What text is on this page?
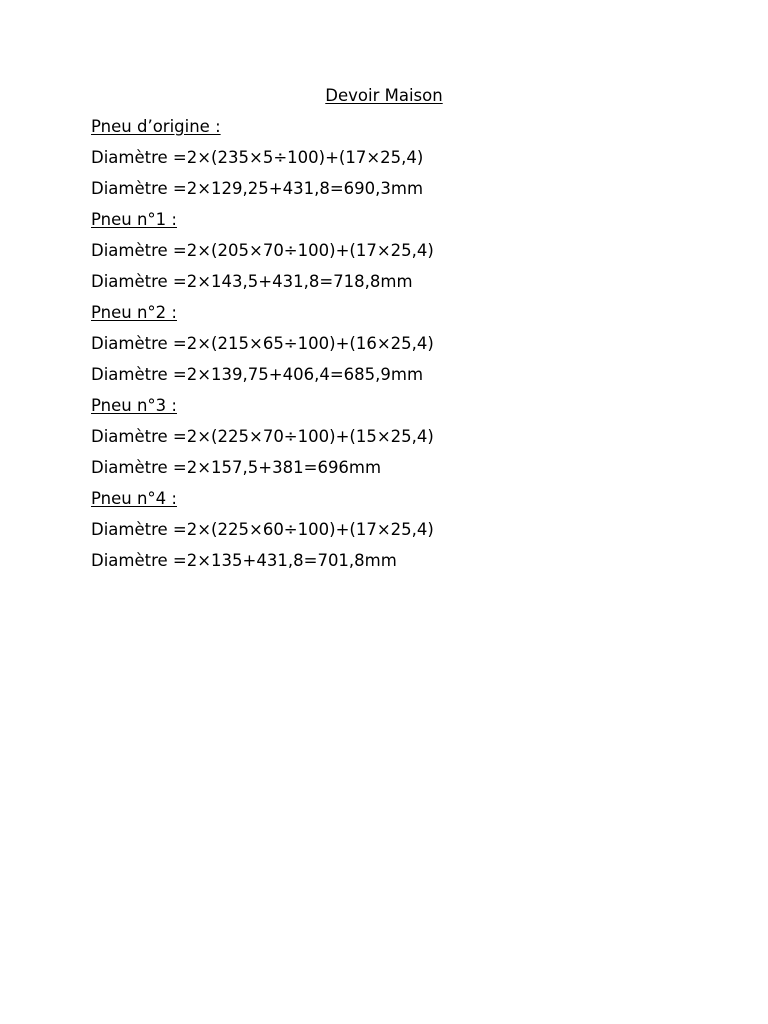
Devoir Maison
Pneu d’origine :
Diamètre =2×(235×5÷100)+(17×25,4)
Diamètre =2×129,25+431,8=690,3mm
Pneu n°1 :
Diamètre =2×(205×70÷100)+(17×25,4)
Diamètre =2×143,5+431,8=718,8mm
Pneu n°2 :
Diamètre =2×(215×65÷100)+(16×25,4)
Diamètre =2×139,75+406,4=685,9mm
Pneu n°3 :
Diamètre =2×(225×70÷100)+(15×25,4)
Diamètre =2×157,5+381=696mm
Pneu n°4 :
Diamètre =2×(225×60÷100)+(17×25,4)
Diamètre =2×135+431,8=701,8mm
